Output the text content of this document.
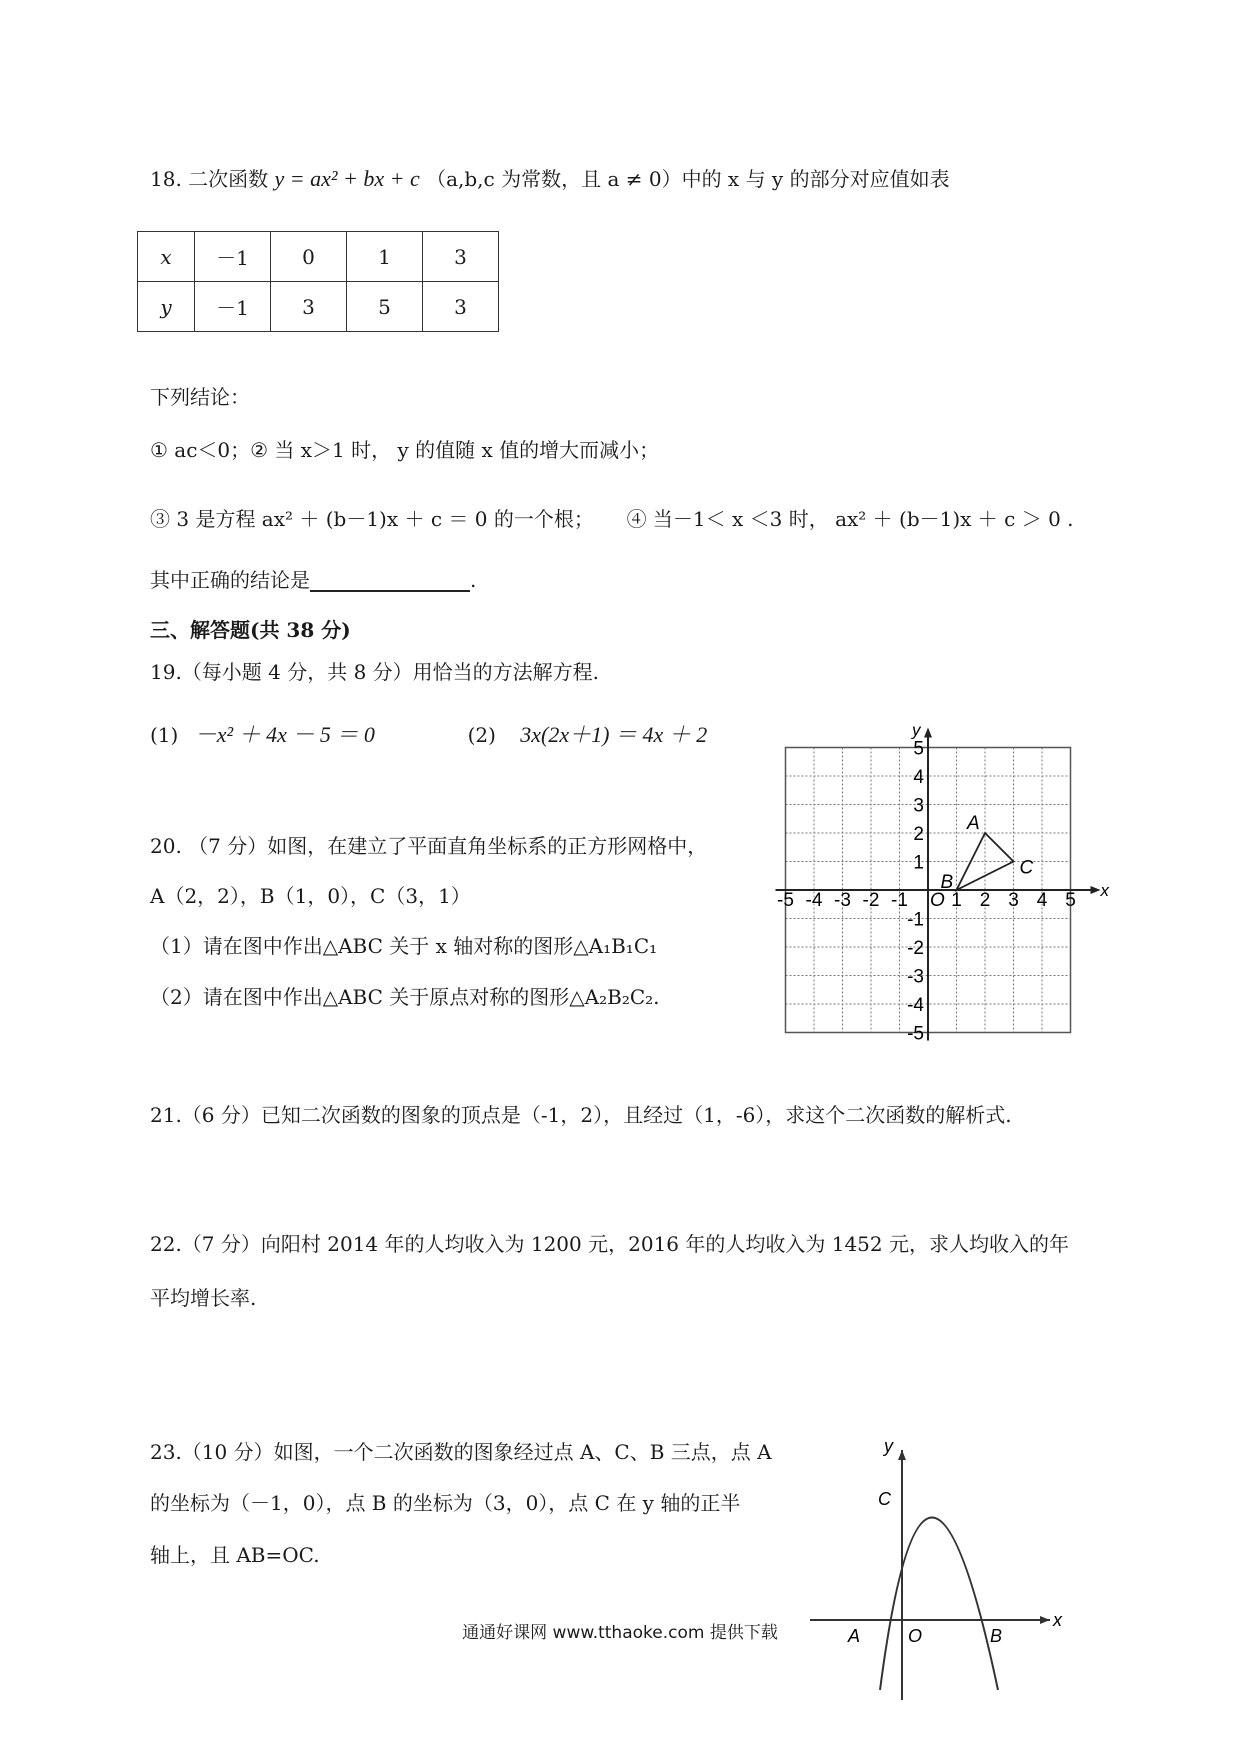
18. 二次函数 y = ax² + bx + c （a,b,c 为常数，且 a ≠ 0）中的 x 与 y 的部分对应值如表
x	－1	0	1	3
y	－1	3	5	3
下列结论：
① ac＜0；② 当 x＞1 时， y 的值随 x 值的增大而减小；
③ 3 是方程 ax² ＋ (b－1)x ＋ c ＝ 0 的一个根； ④ 当－1＜ x ＜3 时， ax² ＋ (b－1)x ＋ c ＞ 0 .
其中正确的结论是	.
三、解答题(共 38 分)
19.（每小题 4 分，共 8 分）用恰当的方法解方程.
(1) －x² ＋ 4x － 5 ＝ 0	(2) 3x(2x＋1) ＝ 4x ＋ 2
20. （7 分）如图，在建立了平面直角坐标系的正方形网格中，
A（2，2），B（1，0），C（3，1）
（1）请在图中作出△ABC 关于 x 轴对称的图形△A₁B₁C₁
（2）请在图中作出△ABC 关于原点对称的图形△A₂B₂C₂.
x
y
-5 -4 -3 -2 -1 1 2 3 4 5
5
4
3
2
1
-1
-2
-3
-4
-5
O
A
B
C
21.（6 分）已知二次函数的图象的顶点是（-1，2），且经过（1，-6），求这个二次函数的解析式.
22.（7 分）向阳村 2014 年的人均收入为 1200 元，2016 年的人均收入为 1452 元，求人均收入的年
平均增长率.
23.（10 分）如图，一个二次函数的图象经过点 A、C、B 三点，点 A
的坐标为（－1，0），点 B 的坐标为（3，0），点 C 在 y 轴的正半
轴上，且 AB=OC.
x
y
A	O	B
C
通通好课网 www.tthaoke.com 提供下载
